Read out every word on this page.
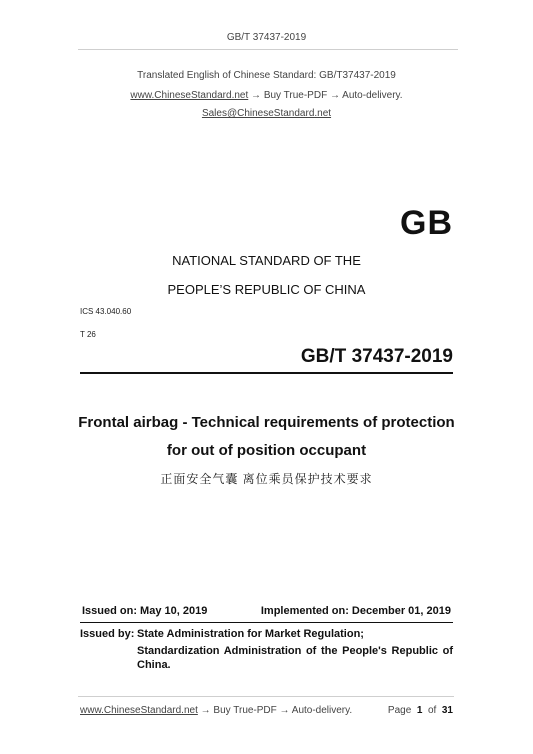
GB/T 37437-2019
Translated English of Chinese Standard: GB/T37437-2019
www.ChineseStandard.net → Buy True-PDF → Auto-delivery.
Sales@ChineseStandard.net
GB
NATIONAL STANDARD OF THE
PEOPLE’S REPUBLIC OF CHINA
ICS 43.040.60
T 26
GB/T 37437-2019
Frontal airbag - Technical requirements of protection
for out of position occupant
正面安全气囊 离位乘员保护技术要求
Issued on: May 10, 2019	Implemented on: December 01, 2019
Issued by: State Administration for Market Regulation;
Standardization Administration of the People's Republic of China.
www.ChineseStandard.net → Buy True-PDF → Auto-delivery.	Page 1 of 31
